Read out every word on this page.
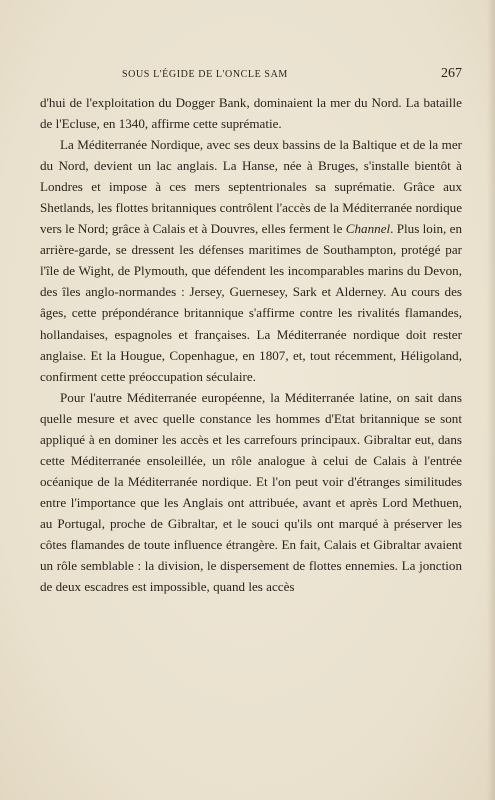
SOUS L'ÉGIDE DE L'ONCLE SAM	267

d'hui de l'exploitation du Dogger Bank, dominaient la mer du Nord. La bataille de l'Ecluse, en 1340, affirme cette suprématie.

La Méditerranée Nordique, avec ses deux bassins de la Baltique et de la mer du Nord, devient un lac anglais. La Hanse, née à Bruges, s'installe bientôt à Londres et impose à ces mers septentrionales sa suprématie. Grâce aux Shetlands, les flottes britanniques contrôlent l'accès de la Méditerranée nordique vers le Nord; grâce à Calais et à Douvres, elles ferment le Channel. Plus loin, en arrière-garde, se dressent les défenses maritimes de Southampton, protégé par l'île de Wight, de Plymouth, que défendent les incomparables marins du Devon, des îles anglo-normandes : Jersey, Guernesey, Sark et Alderney. Au cours des âges, cette prépondérance britannique s'affirme contre les rivalités flamandes, hollandaises, espagnoles et françaises. La Méditerranée nordique doit rester anglaise. Et la Hougue, Copenhague, en 1807, et, tout récemment, Héligoland, confirment cette préoccupation séculaire.

Pour l'autre Méditerranée européenne, la Méditerranée latine, on sait dans quelle mesure et avec quelle constance les hommes d'Etat britannique se sont appliqué à en dominer les accès et les carrefours principaux. Gibraltar eut, dans cette Méditerranée ensoleillée, un rôle analogue à celui de Calais à l'entrée océanique de la Méditerranée nordique. Et l'on peut voir d'étranges similitudes entre l'importance que les Anglais ont attribuée, avant et après Lord Methuen, au Portugal, proche de Gibraltar, et le souci qu'ils ont marqué à préserver les côtes flamandes de toute influence étrangère. En fait, Calais et Gibraltar avaient un rôle semblable : la division, le dispersement de flottes ennemies. La jonction de deux escadres est impossible, quand les accès
